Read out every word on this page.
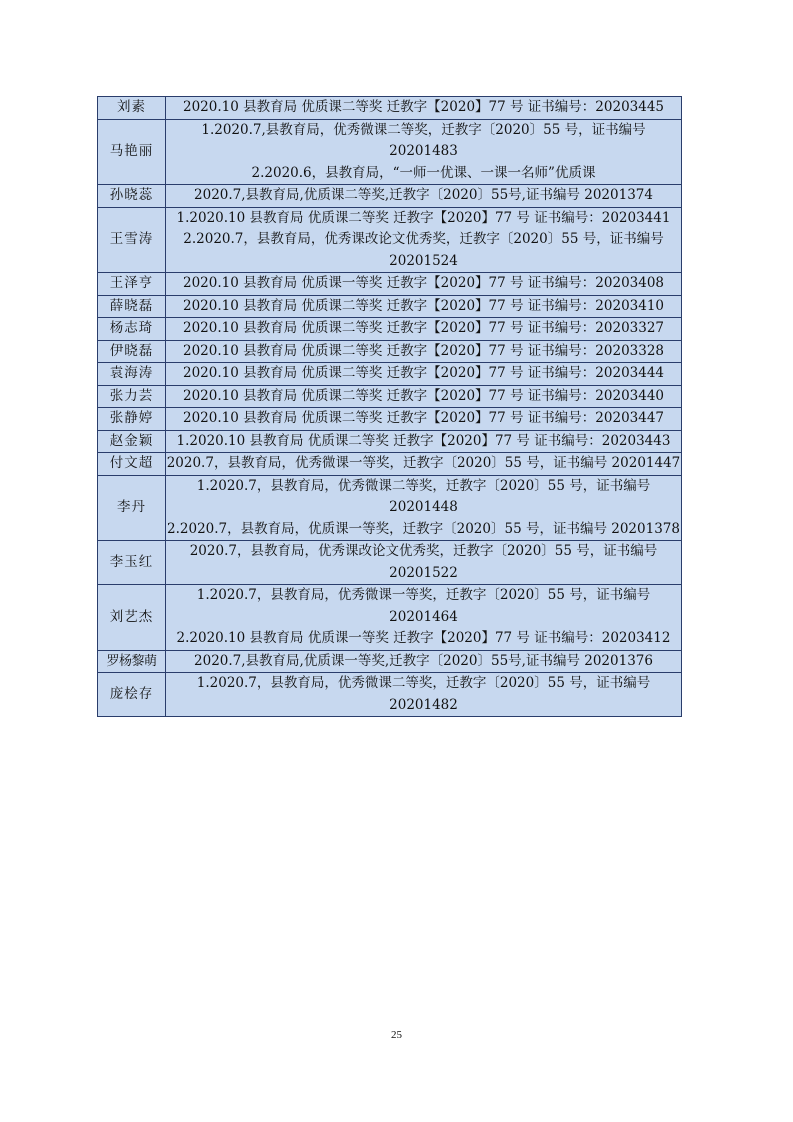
刘素	2020.10 县教育局 优质课二等奖 迁教字【2020】77 号 证书编号：20203445

马艳丽	1.2020.7,县教育局，优秀微课二等奖，迁教字〔2020〕55 号，证书编号 20201483
2.2020.6，县教育局，“一师一优课、一课一名师”优质课

孙晓蕊	2020.7,县教育局,优质课二等奖,迁教字〔2020〕55号,证书编号 20201374

王雪涛	1.2020.10 县教育局 优质课二等奖 迁教字【2020】77 号 证书编号：20203441
2.2020.7，县教育局，优秀课改论文优秀奖，迁教字〔2020〕55 号，证书编号 20201524

王泽亨	2020.10 县教育局 优质课一等奖 迁教字【2020】77 号 证书编号：20203408

薛晓磊	2020.10 县教育局 优质课二等奖 迁教字【2020】77 号 证书编号：20203410

杨志琦	2020.10 县教育局 优质课二等奖 迁教字【2020】77 号 证书编号：20203327

伊晓磊	2020.10 县教育局 优质课二等奖 迁教字【2020】77 号 证书编号：20203328

袁海涛	2020.10 县教育局 优质课二等奖 迁教字【2020】77 号 证书编号：20203444

张力芸	2020.10 县教育局 优质课二等奖 迁教字【2020】77 号 证书编号：20203440

张静婷	2020.10 县教育局 优质课二等奖 迁教字【2020】77 号 证书编号：20203447

赵金颖	1.2020.10 县教育局 优质课二等奖 迁教字【2020】77 号 证书编号：20203443

付文超	2020.7，县教育局，优秀微课一等奖，迁教字〔2020〕55 号，证书编号 20201447

李丹	1.2020.7，县教育局，优秀微课二等奖，迁教字〔2020〕55 号，证书编号 20201448
2.2020.7，县教育局，优质课一等奖，迁教字〔2020〕55 号，证书编号 20201378

李玉红	2020.7，县教育局，优秀课改论文优秀奖，迁教字〔2020〕55 号，证书编号 20201522

刘艺杰	1.2020.7，县教育局，优秀微课一等奖，迁教字〔2020〕55 号，证书编号 20201464
2.2020.10 县教育局 优质课一等奖 迁教字【2020】77 号 证书编号：20203412

罗杨黎萌	2020.7,县教育局,优质课一等奖,迁教字〔2020〕55号,证书编号 20201376

庞桧存	1.2020.7，县教育局，优秀微课二等奖，迁教字〔2020〕55 号，证书编号 20201482
25
